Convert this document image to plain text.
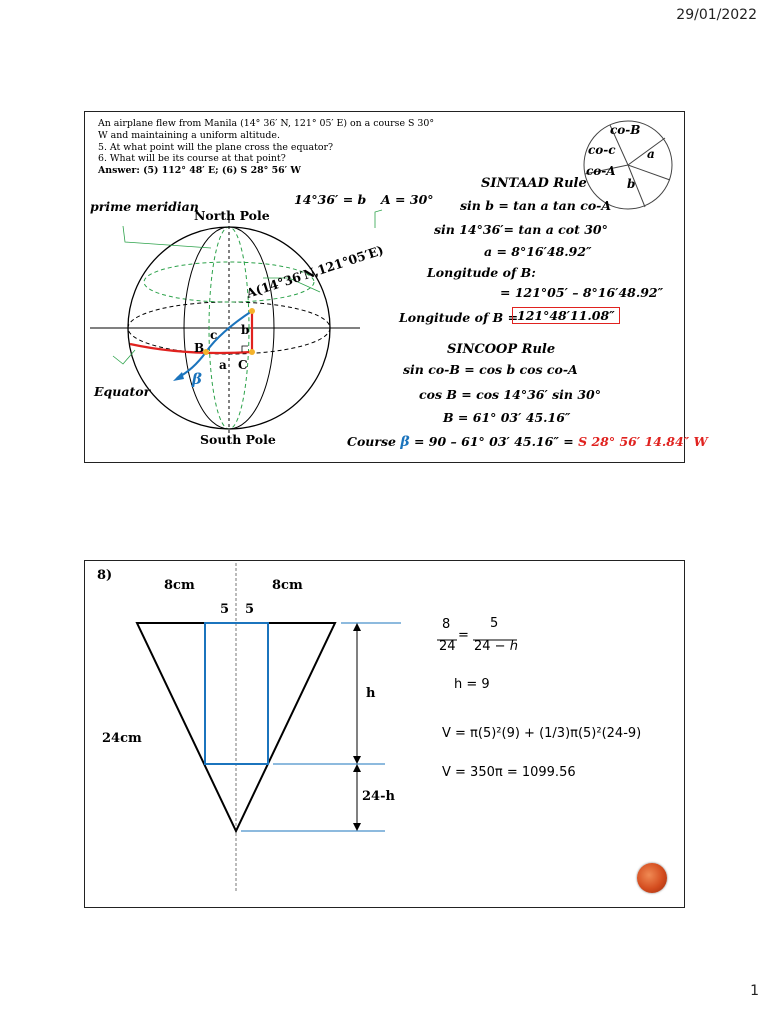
29/01/2022
An airplane flew from Manila (14° 36′ N, 121° 05′ E) on a course S 30°
W and maintaining a uniform altitude.
5. At what point will the plane cross the equator?
6. What will be its course at that point?
Answer: (5) 112° 48′ E; (6) S 28° 56′ W
prime meridian
North Pole
South Pole
Equator
A(14°36′N,121°05′E)
b
c
a
B
C
β
co-B
co-c	a
co-A
b
14°36′ = b A = 30°
SINTAAD Rule
sin b = tan a tan co-A
sin 14°36′= tan a cot 30°
a = 8°16′48.92″
Longitude of B:
= 121°05′ – 8°16′48.92″
Longitude of B =
121°48′11.08″
SINCOOP Rule
sin co-B = cos b cos co-A
cos B = cos 14°36′ sin 30°
B = 61° 03′ 45.16″
Course β = 90 – 61° 03′ 45.16″ = S 28° 56′ 14.84″ W
8)
8cm	8cm
5 5
24cm
h
24-h
8
24
=
5
24 − ℎ
h = 9
V = π(5)²(9) + (1/3)π(5)²(24-9)
V = 350π = 1099.56
1
